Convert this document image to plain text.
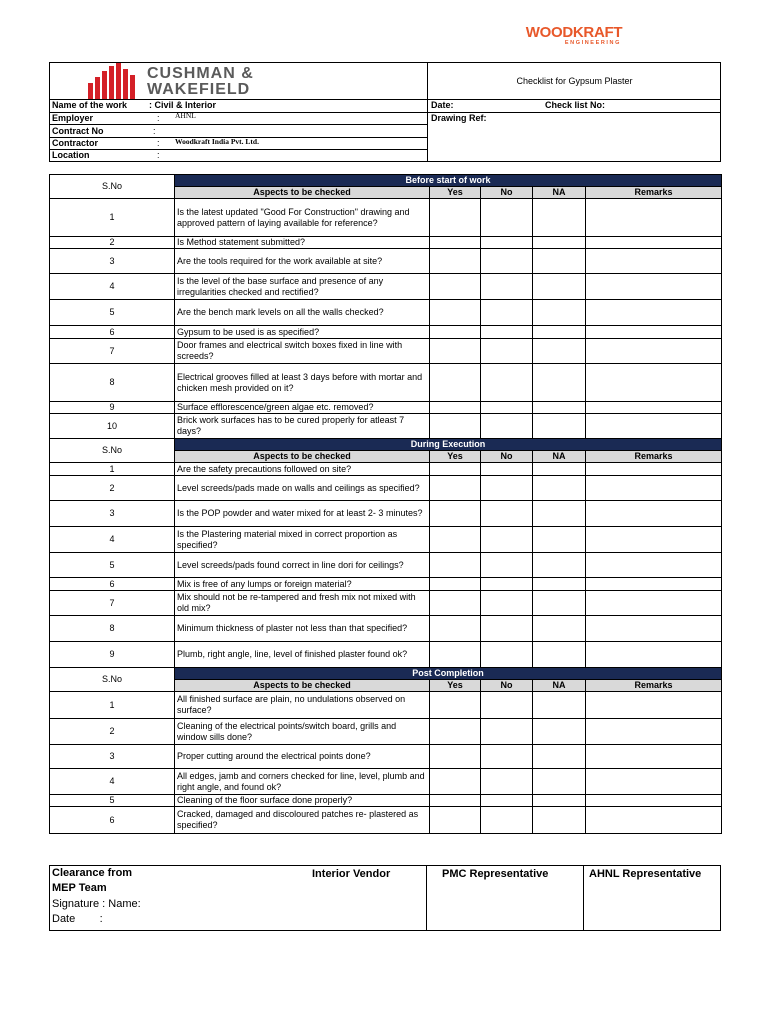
WOODKRAFT
ENGINEERING
CUSHMAN &
WAKEFIELD	Checklist for Gypsum Plaster
Name of the work : Civil & Interior
Employer	: AHNL
Contract No	:
Contractor	: Woodkraft India Pvt. Ltd.
Location	:
Date:	Check list No:
Drawing Ref:
S.No	Before start of work				
	Aspects to be checked	Yes	No	NA	Remarks
1	Is the latest updated "Good For Construction" drawing and approved pattern of laying available for reference?				
2	Is Method statement submitted?				
3	Are the tools required for the work available at site?				
4	Is the level of the base surface and presence of any irregularities checked and rectified?				
5	Are the bench mark levels on all the walls checked?				
6	Gypsum to be used is as specified?				
7	Door frames and electrical switch boxes fixed in line with screeds?				
8	Electrical grooves filled at least 3 days before with mortar and chicken mesh provided on it?				
9	Surface efflorescence/green algae etc. removed?				
10	Brick work surfaces has to be cured properly for atleast 7 days?				
S.No	During Execution				
	Aspects to be checked	Yes	No	NA	Remarks
1	Are the safety precautions followed on site?				
2	Level screeds/pads made on walls and ceilings as specified?				
3	Is the POP powder and water mixed for at least 2- 3 minutes?				
4	Is the Plastering material mixed in correct proportion as specified?				
5	Level screeds/pads found correct in line dori for ceilings?				
6	Mix is free of any lumps or foreign material?				
7	Mix should not be re-tampered and fresh mix not mixed with old mix?				
8	Minimum thickness of plaster not less than that specified?				
9	Plumb, right angle, line, level of finished plaster found ok?				
S.No	Post Completion				
	Aspects to be checked	Yes	No	NA	Remarks
1	All finished surface are plain, no undulations observed on surface?				
2	Cleaning of the electrical points/switch board, grills and window sills done?				
3	Proper cutting around the electrical points done?				
4	All edges, jamb and corners checked for line, level, plumb and right angle, and found ok?				
5	Cleaning of the floor surface done properly?				
6	Cracked, damaged and discoloured patches re- plastered as specified?				
Clearance from
MEP Team
Signature : Name:
Date        :
Interior Vendor	PMC Representative	AHNL Representative
